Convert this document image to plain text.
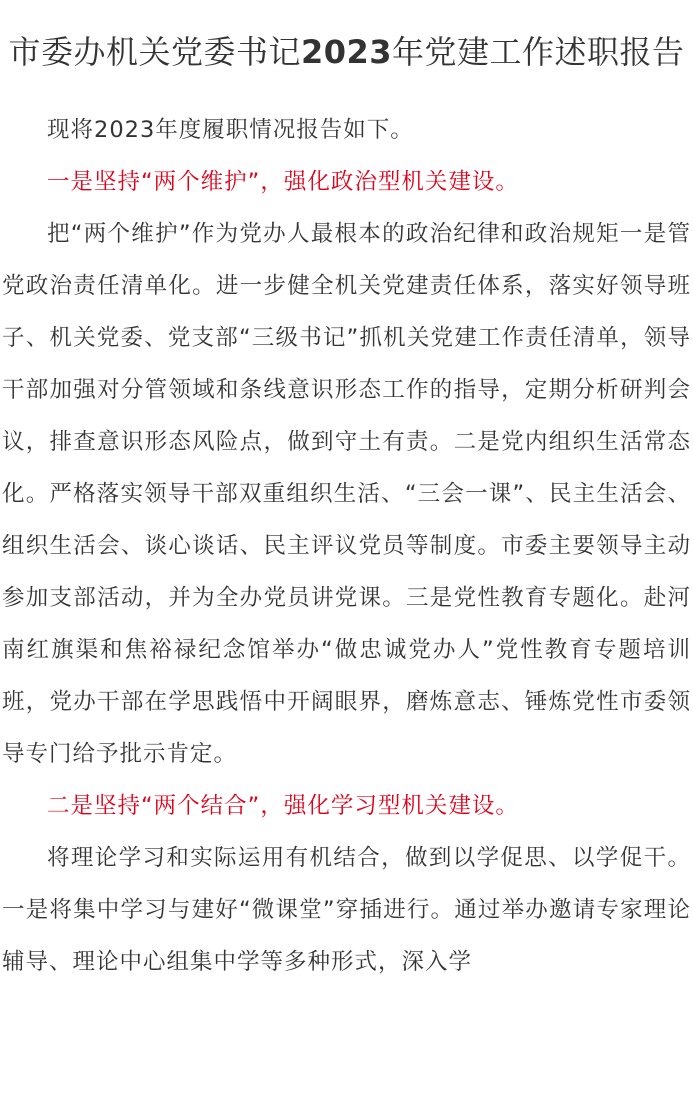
市委办机关党委书记2023年党建工作述职报告

现将2023年度履职情况报告如下。

一是坚持“两个维护”，强化政治型机关建设。

把“两个维护”作为党办人最根本的政治纪律和政治规矩一是管党政治责任清单化。进一步健全机关党建责任体系，落实好领导班子、机关党委、党支部“三级书记”抓机关党建工作责任清单，领导干部加强对分管领域和条线意识形态工作的指导，定期分析研判会议，排查意识形态风险点，做到守土有责。二是党内组织生活常态化。严格落实领导干部双重组织生活、“三会一课”、民主生活会、组织生活会、谈心谈话、民主评议党员等制度。市委主要领导主动参加支部活动，并为全办党员讲党课。三是党性教育专题化。赴河南红旗渠和焦裕禄纪念馆举办“做忠诚党办人”党性教育专题培训班，党办干部在学思践悟中开阔眼界，磨炼意志、锤炼党性市委领导专门给予批示肯定。

二是坚持“两个结合”，强化学习型机关建设。

将理论学习和实际运用有机结合，做到以学促思、以学促干。一是将集中学习与建好“微课堂”穿插进行。通过举办邀请专家理论辅导、理论中心组集中学等多种形式，深入学
